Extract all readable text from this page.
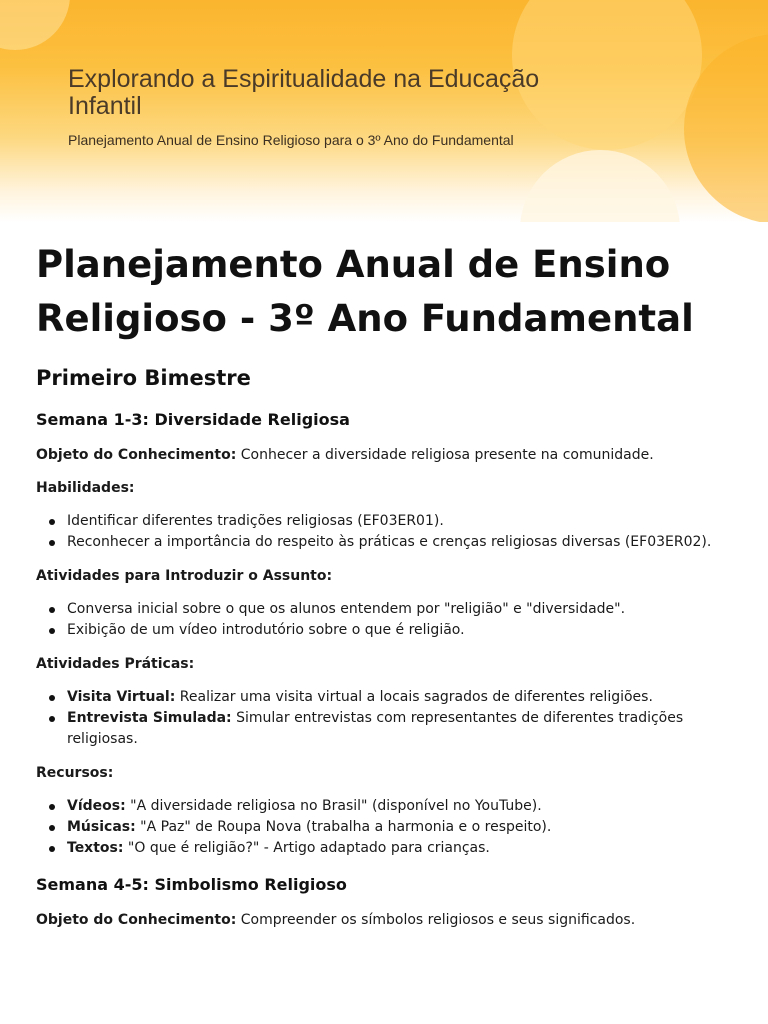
Explorando a Espiritualidade na Educação Infantil
Planejamento Anual de Ensino Religioso para o 3º Ano do Fundamental
Planejamento Anual de Ensino Religioso - 3º Ano Fundamental
Primeiro Bimestre
Semana 1-3: Diversidade Religiosa

Objeto do Conhecimento: Conhecer a diversidade religiosa presente na comunidade.

Habilidades:

Identificar diferentes tradições religiosas (EF03ER01).
Reconhecer a importância do respeito às práticas e crenças religiosas diversas (EF03ER02).

Atividades para Introduzir o Assunto:

Conversa inicial sobre o que os alunos entendem por "religião" e "diversidade".
Exibição de um vídeo introdutório sobre o que é religião.

Atividades Práticas:

Visita Virtual: Realizar uma visita virtual a locais sagrados de diferentes religiões.
Entrevista Simulada: Simular entrevistas com representantes de diferentes tradições religiosas.

Recursos:

Vídeos: "A diversidade religiosa no Brasil" (disponível no YouTube).
Músicas: "A Paz" de Roupa Nova (trabalha a harmonia e o respeito).
Textos: "O que é religião?" - Artigo adaptado para crianças.
Semana 4-5: Simbolismo Religioso

Objeto do Conhecimento: Compreender os símbolos religiosos e seus significados.
